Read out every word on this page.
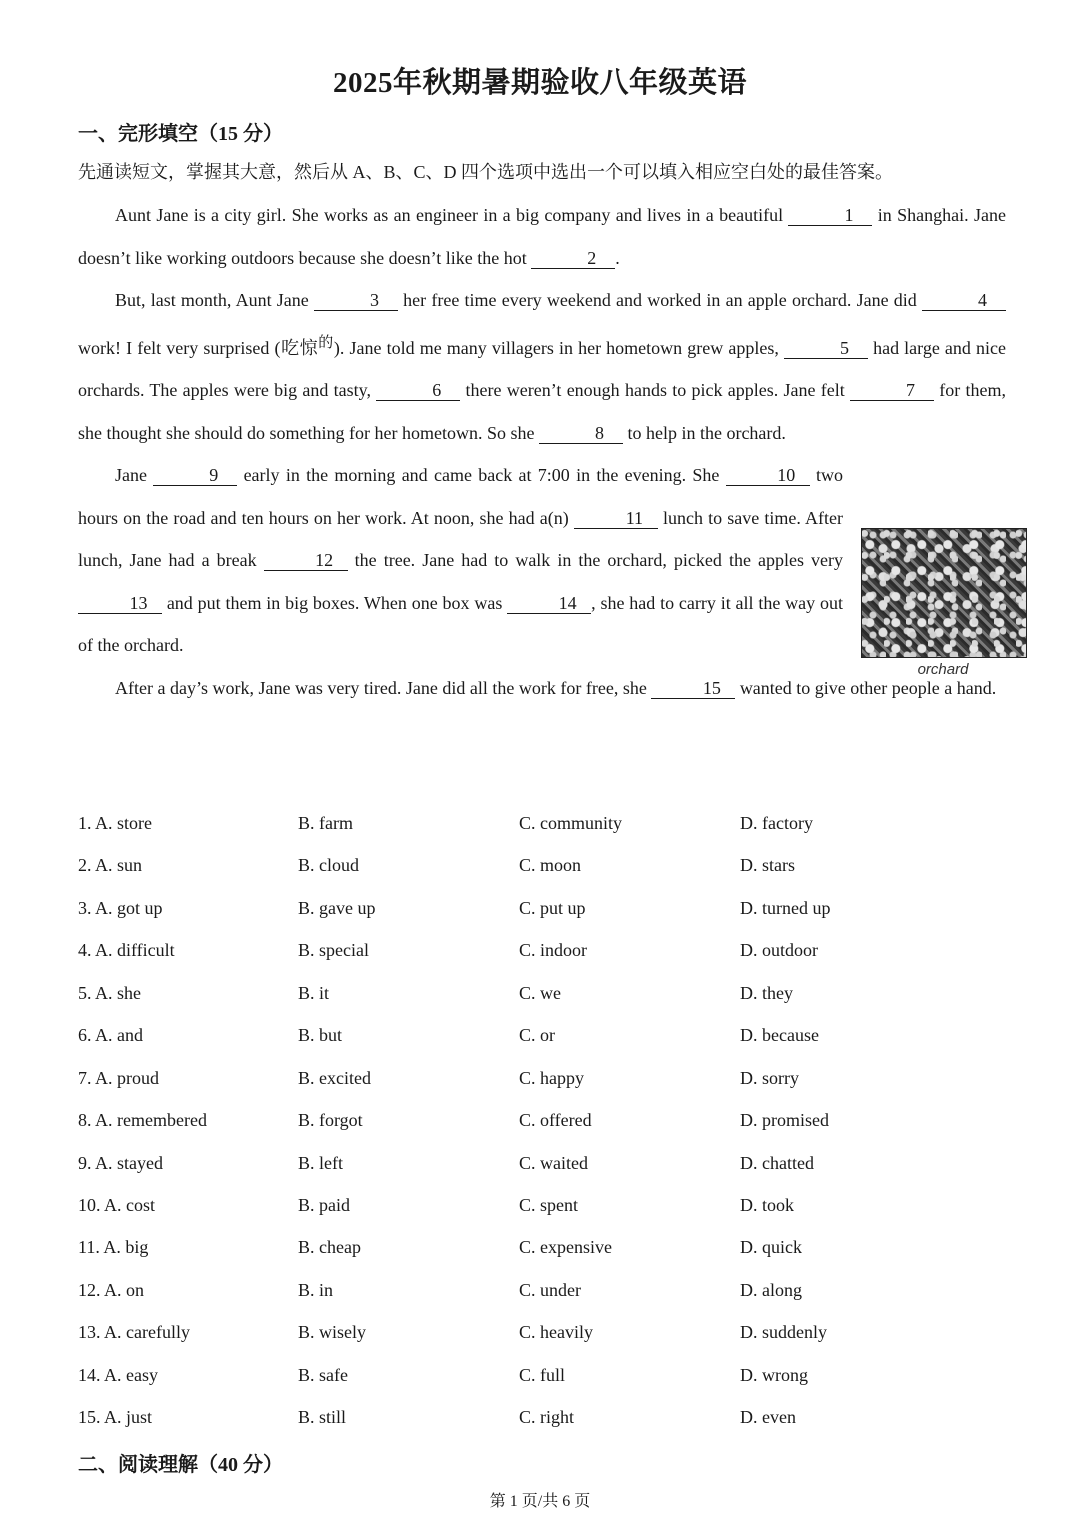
2025年秋期暑期验收八年级英语
一、完形填空（15 分）
先通读短文，掌握其大意，然后从 A、B、C、D 四个选项中选出一个可以填入相应空白处的最佳答案。

Aunt Jane is a city girl. She works as an engineer in a big company and lives in a beautiful	1 in Shanghai. Jane doesn’t like working outdoors because she doesn’t like the hot	2 .

But, last month, Aunt Jane	3 her free time every weekend and worked in an apple orchard. Jane did	4 work! I felt very surprised (吃惊$^的$). Jane told me many villagers in her hometown grew apples,	5 had large and nice orchards. The apples were big and tasty,	6 there weren’t enough hands to pick apples. Jane felt	7 for them, she thought she should do something for her hometown. So she	8 to help in the orchard.

Jane	9 early in the morning and came back at 7:00 in the evening. She	10 two hours on the road and ten hours on her work. At noon, she had a(n)	11 lunch to save time. After lunch, Jane had a break	12 the tree. Jane had to walk in the orchard, picked the apples very 13 and put them in big boxes. When one box was	14 , she had to carry it all the way out of the orchard.

After a day’s work, Jane was very tired. Jane did all the work for free, she	15 wanted to give other people a hand.

orchard
1. A. store	B. farm	C. community	D. factory
2. A. sun	B. cloud	C. moon	D. stars
3. A. got up	B. gave up	C. put up	D. turned up
4. A. difficult	B. special	C. indoor	D. outdoor
5. A. she	B. it	C. we	D. they
6. A. and	B. but	C. or	D. because
7. A. proud	B. excited	C. happy	D. sorry
8. A. remembered	B. forgot	C. offered	D. promised
9. A. stayed	B. left	C. waited	D. chatted
10. A. cost	B. paid	C. spent	D. took
11. A. big	B. cheap	C. expensive	D. quick
12. A. on	B. in	C. under	D. along
13. A. carefully	B. wisely	C. heavily	D. suddenly
14. A. easy	B. safe	C. full	D. wrong
15. A. just	B. still	C. right	D. even
二、阅读理解（40 分）
第 1 页/共 6 页
